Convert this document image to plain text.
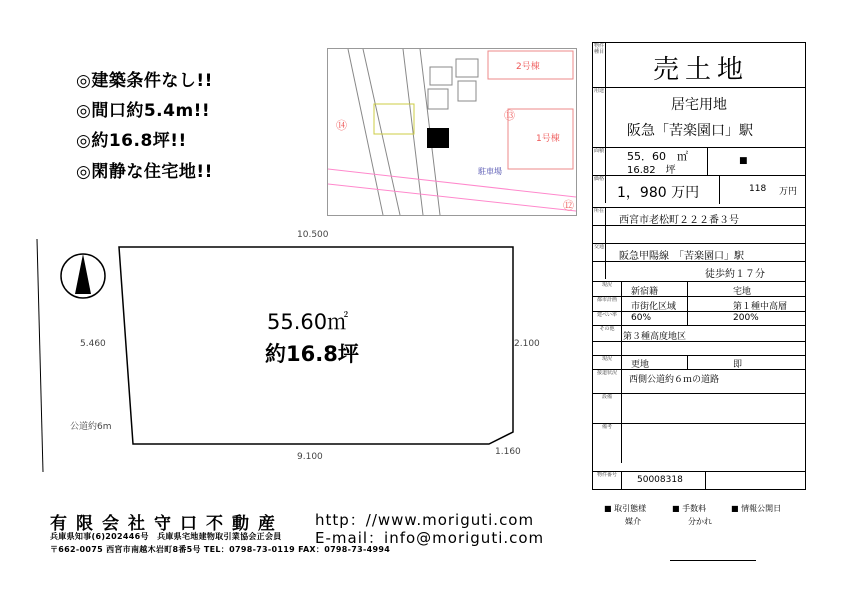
◎建築条件なし!!
◎間口約5.4m!!
◎約16.8坪!!
◎閑静な住宅地!!
2号棟
1号棟
駐車場
⑬
⑭
⑫
10.500
5.460	2.100
9.100	1.160
公道約6m
55.60㎡
約16.8坪
有限会社守口不動産 http：//www.moriguti.com
E-mail：info@moriguti.com
兵庫県知事(6)202446号　兵庫県宅地建物取引業協会正会員
〒662-0075 西宮市南越木岩町8番5号 TEL：0798-73-0119 FAX：0798-73-4994
物件種目
売土地
用途
居宅用地
阪急「苦楽園口」駅
面積 55．60　㎡
16.82　坪
■
価格
1，980 万円	118 万円
所在
西宮市老松町２２２番３号
交通
阪急甲陽線　「苦楽園口」駅
徒歩約１７分
現況
新宿籍	宅地
都市計画
市街化区域	第１種中高層
建ぺい率	60%	200%
その他
第３種高度地区
現況
更地	即
接道状況
西側公道約６ｍの道路
設備
備考
物件番号	50008318
■ 取引態様
媒介
■ 手数料
分かれ
■ 情報公開日
